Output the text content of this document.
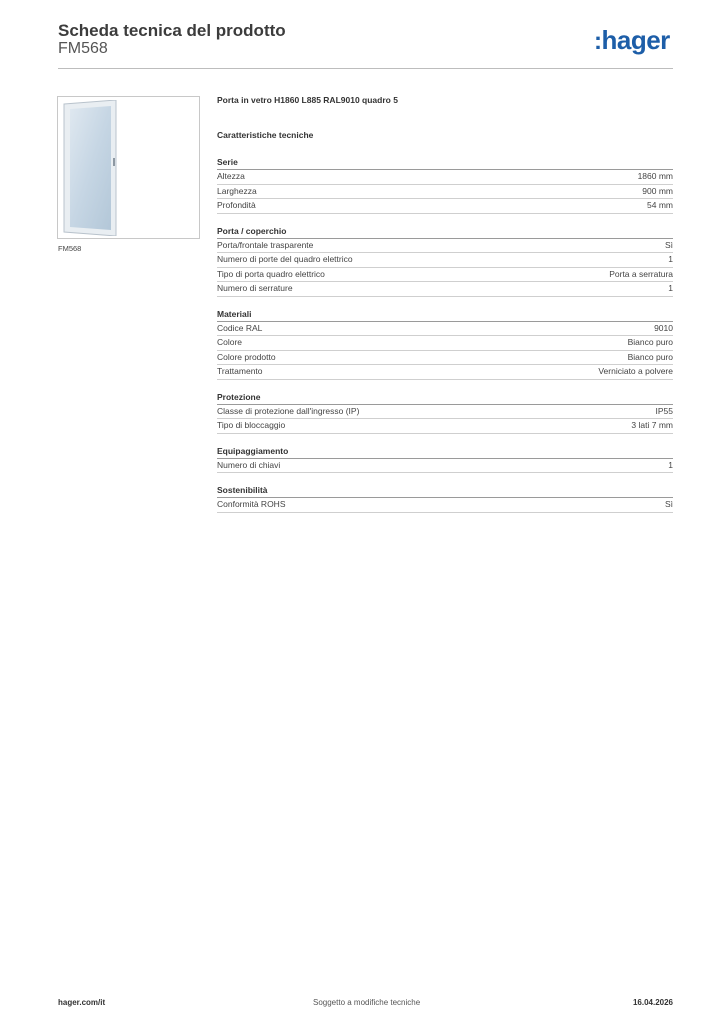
Scheda tecnica del prodotto
FM568	:hager
FM568
Porta in vetro H1860 L885 RAL9010 quadro 5
Caratteristiche tecniche
Serie
Altezza	1860 mm
Larghezza	900 mm
Profondità	54 mm
Porta / coperchio
Porta/frontale trasparente	Sì
Numero di porte del quadro elettrico	1
Tipo di porta quadro elettrico	Porta a serratura
Numero di serrature	1
Materiali
Codice RAL	9010
Colore	Bianco puro
Colore prodotto	Bianco puro
Trattamento	Verniciato a polvere
Protezione
Classe di protezione dall'ingresso (IP)	IP55
Tipo di bloccaggio	3 lati 7 mm
Equipaggiamento
Numero di chiavi	1
Sostenibilità
Conformità ROHS	Sì
hager.com/it	Soggetto a modifiche tecniche	16.04.2026
